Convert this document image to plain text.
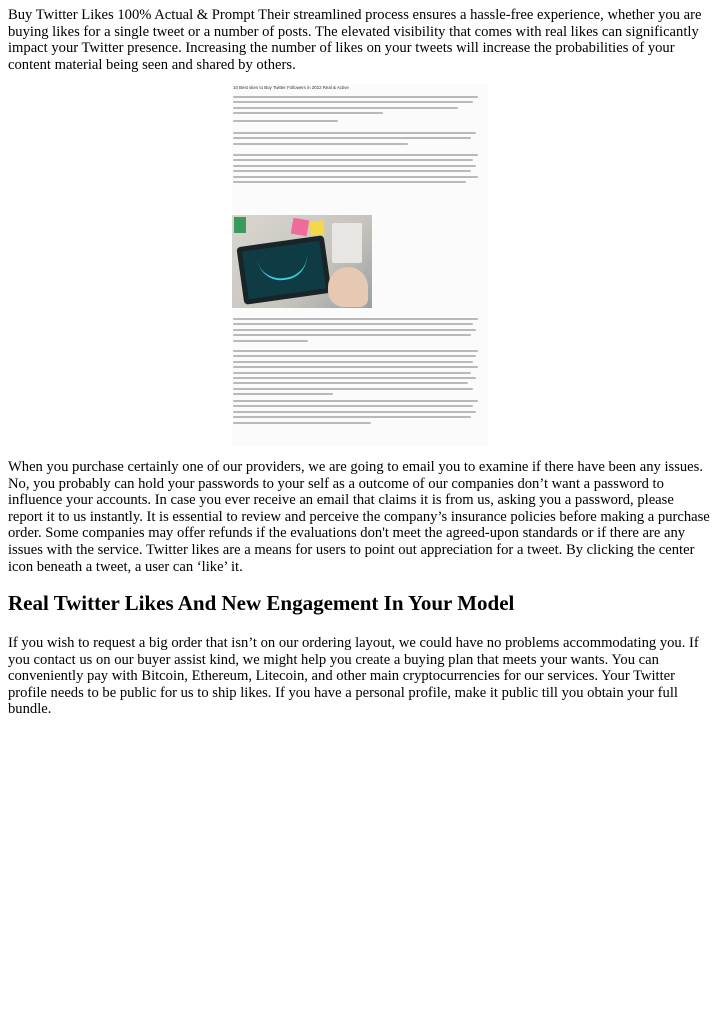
Buy Twitter Likes 100% Actual & Prompt Their streamlined process ensures a hassle-free experience, whether you are buying likes for a single tweet or a number of posts. The elevated visibility that comes with real likes can significantly impact your Twitter presence. Increasing the number of likes on your tweets will increase the probabilities of your content material being seen and shared by others.

10 Best sites to Buy Twitter Followers in 2022 Real & Active

When you purchase certainly one of our providers, we are going to email you to examine if there have been any issues. No, you probably can hold your passwords to your self as a outcome of our companies don’t want a password to influence your accounts. In case you ever receive an email that claims it is from us, asking you a password, please report it to us instantly. It is essential to review and perceive the company’s insurance policies before making a purchase order. Some companies may offer refunds if the evaluations don't meet the agreed-upon standards or if there are any issues with the service. Twitter likes are a means for users to point out appreciation for a tweet. By clicking the center icon beneath a tweet, a user can ‘like’ it.

Real Twitter Likes And New Engagement In Your Model

If you wish to request a big order that isn’t on our ordering layout, we could have no problems accommodating you. If you contact us on our buyer assist kind, we might help you create a buying plan that meets your wants. You can conveniently pay with Bitcoin, Ethereum, Litecoin, and other main cryptocurrencies for our services. Your Twitter profile needs to be public for us to ship likes. If you have a personal profile, make it public till you obtain your full bundle.
